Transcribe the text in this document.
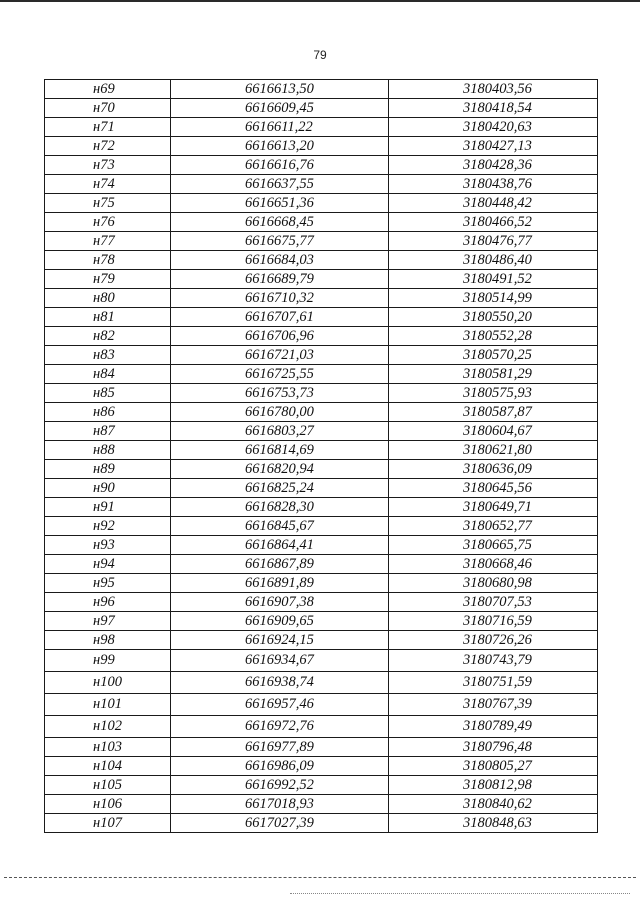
79
н69	6616613,50	3180403,56
н70	6616609,45	3180418,54
н71	6616611,22	3180420,63
н72	6616613,20	3180427,13
н73	6616616,76	3180428,36
н74	6616637,55	3180438,76
н75	6616651,36	3180448,42
н76	6616668,45	3180466,52
н77	6616675,77	3180476,77
н78	6616684,03	3180486,40
н79	6616689,79	3180491,52
н80	6616710,32	3180514,99
н81	6616707,61	3180550,20
н82	6616706,96	3180552,28
н83	6616721,03	3180570,25
н84	6616725,55	3180581,29
н85	6616753,73	3180575,93
н86	6616780,00	3180587,87
н87	6616803,27	3180604,67
н88	6616814,69	3180621,80
н89	6616820,94	3180636,09
н90	6616825,24	3180645,56
н91	6616828,30	3180649,71
н92	6616845,67	3180652,77
н93	6616864,41	3180665,75
н94	6616867,89	3180668,46
н95	6616891,89	3180680,98
н96	6616907,38	3180707,53
н97	6616909,65	3180716,59
н98	6616924,15	3180726,26
н99	6616934,67	3180743,79
н100	6616938,74	3180751,59
н101	6616957,46	3180767,39
н102	6616972,76	3180789,49
н103	6616977,89	3180796,48
н104	6616986,09	3180805,27
н105	6616992,52	3180812,98
н106	6617018,93	3180840,62
н107	6617027,39	3180848,63
